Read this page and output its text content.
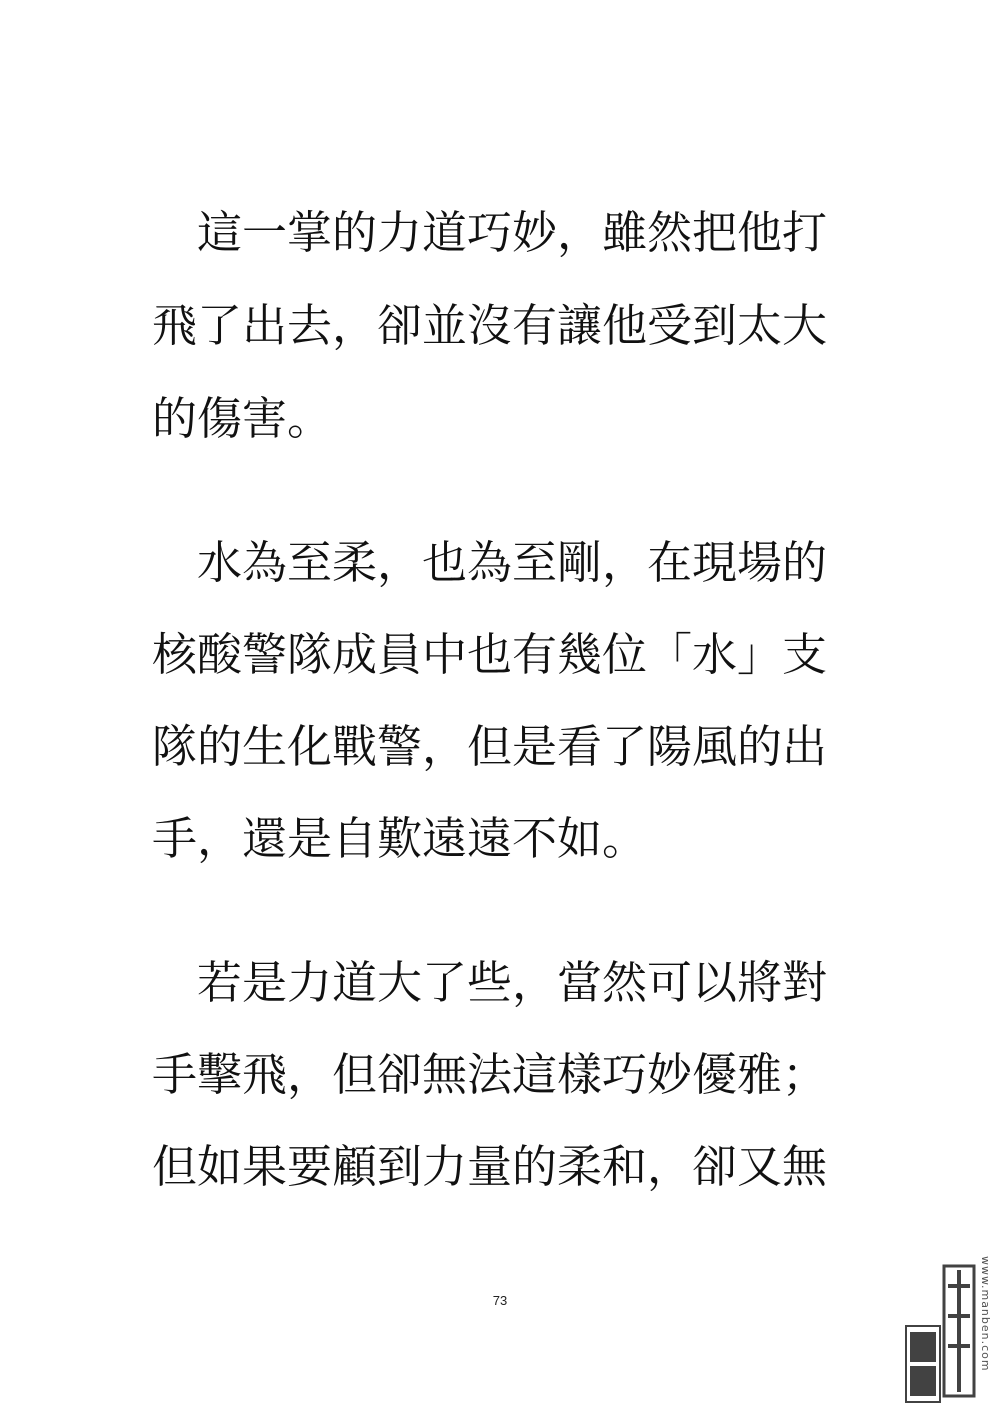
　這一掌的力道巧妙，雖然把他打
飛了出去，卻並沒有讓他受到太大
的傷害。
　水為至柔，也為至剛，在現場的
核酸警隊成員中也有幾位「水」支
隊的生化戰警，但是看了陽風的出
手，還是自歎遠遠不如。
　若是力道大了些，當然可以將對
手擊飛，但卻無法這樣巧妙優雅；
但如果要顧到力量的柔和，卻又無
73	www.manben.com
